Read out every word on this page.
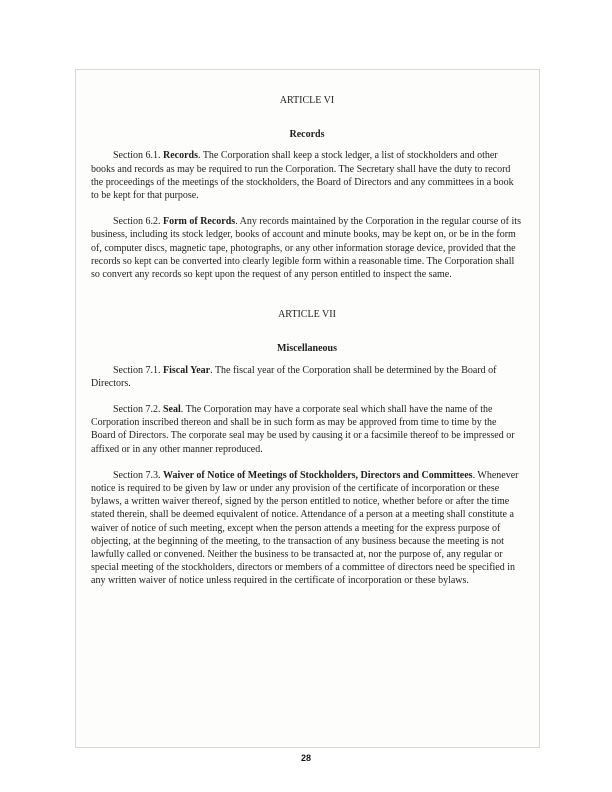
ARTICLE VI
Records

Section 6.1. Records. The Corporation shall keep a stock ledger, a list of stockholders and other books and records as may be required to run the Corporation. The Secretary shall have the duty to record the proceedings of the meetings of the stockholders, the Board of Directors and any committees in a book to be kept for that purpose.

Section 6.2. Form of Records. Any records maintained by the Corporation in the regular course of its business, including its stock ledger, books of account and minute books, may be kept on, or be in the form of, computer discs, magnetic tape, photographs, or any other information storage device, provided that the records so kept can be converted into clearly legible form within a reasonable time. The Corporation shall so convert any records so kept upon the request of any person entitled to inspect the same.

ARTICLE VII
Miscellaneous

Section 7.1. Fiscal Year. The fiscal year of the Corporation shall be determined by the Board of Directors.

Section 7.2. Seal. The Corporation may have a corporate seal which shall have the name of the Corporation inscribed thereon and shall be in such form as may be approved from time to time by the Board of Directors. The corporate seal may be used by causing it or a facsimile thereof to be impressed or affixed or in any other manner reproduced.

Section 7.3. Waiver of Notice of Meetings of Stockholders, Directors and Committees. Whenever notice is required to be given by law or under any provision of the certificate of incorporation or these bylaws, a written waiver thereof, signed by the person entitled to notice, whether before or after the time stated therein, shall be deemed equivalent of notice. Attendance of a person at a meeting shall constitute a waiver of notice of such meeting, except when the person attends a meeting for the express purpose of objecting, at the beginning of the meeting, to the transaction of any business because the meeting is not lawfully called or convened. Neither the business to be transacted at, nor the purpose of, any regular or special meeting of the stockholders, directors or members of a committee of directors need be specified in any written waiver of notice unless required in the certificate of incorporation or these bylaws.

28
